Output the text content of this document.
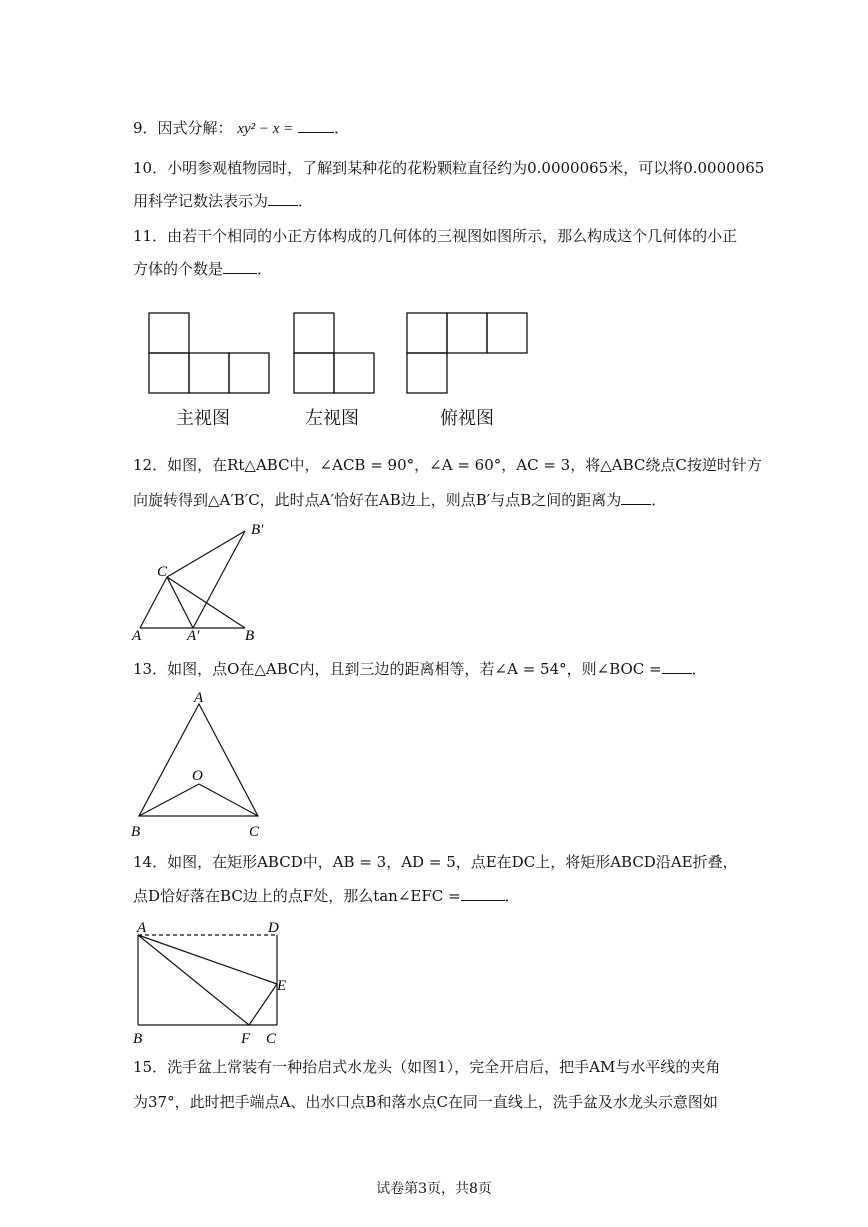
9．因式分解： xy² − x =	．
10．小明参观植物园时，了解到某种花的花粉颗粒直径约为0.0000065米，可以将0.0000065
用科学记数法表示为 ．
11．由若干个相同的小正方体构成的几何体的三视图如图所示，那么构成这个几何体的小正
方体的个数是 ．
主视图	左视图	俯视图
12．如图，在Rt△ABC中，∠ACB = 90°，∠A = 60°，AC = 3，将△ABC绕点C按逆时针方
向旋转得到△A′B′C，此时点A′恰好在AB边上，则点B′与点B之间的距离为 ．
B′
C
A	A′	B
13．如图，点O在△ABC内，且到三边的距离相等，若∠A = 54°，则∠BOC = ．
A
O
B	C
14．如图，在矩形ABCD中，AB = 3，AD = 5，点E在DC上，将矩形ABCD沿AE折叠，
点D恰好落在BC边上的点F处，那么tan∠EFC =	．
A	D
E
B	F C
15．洗手盆上常装有一种抬启式水龙头（如图1），完全开启后，把手AM与水平线的夹角
为37°，此时把手端点A、出水口点B和落水点C在同一直线上，洗手盆及水龙头示意图如
试卷第3页，共8页
